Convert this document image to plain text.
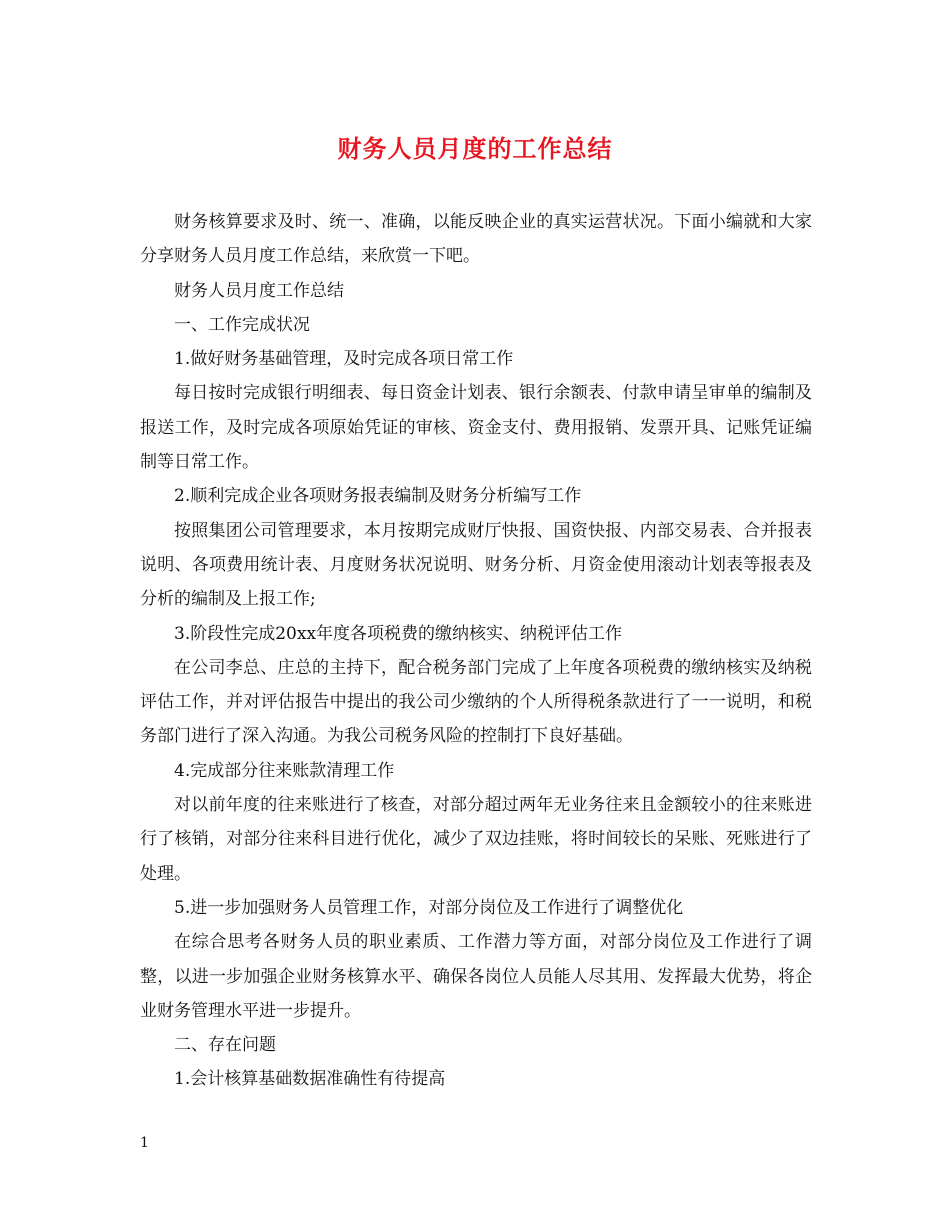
财务人员月度的工作总结

财务核算要求及时、统一、准确，以能反映企业的真实运营状况。下面小编就和大家分享财务人员月度工作总结，来欣赏一下吧。

财务人员月度工作总结

一、工作完成状况

1.做好财务基础管理，及时完成各项日常工作

每日按时完成银行明细表、每日资金计划表、银行余额表、付款申请呈审单的编制及报送工作，及时完成各项原始凭证的审核、资金支付、费用报销、发票开具、记账凭证编制等日常工作。

2.顺利完成企业各项财务报表编制及财务分析编写工作

按照集团公司管理要求，本月按期完成财厅快报、国资快报、内部交易表、合并报表说明、各项费用统计表、月度财务状况说明、财务分析、月资金使用滚动计划表等报表及分析的编制及上报工作;

3.阶段性完成20xx年度各项税费的缴纳核实、纳税评估工作

在公司李总、庄总的主持下，配合税务部门完成了上年度各项税费的缴纳核实及纳税评估工作，并对评估报告中提出的我公司少缴纳的个人所得税条款进行了一一说明，和税务部门进行了深入沟通。为我公司税务风险的控制打下良好基础。

4.完成部分往来账款清理工作

对以前年度的往来账进行了核查，对部分超过两年无业务往来且金额较小的往来账进行了核销，对部分往来科目进行优化，减少了双边挂账，将时间较长的呆账、死账进行了处理。

5.进一步加强财务人员管理工作，对部分岗位及工作进行了调整优化

在综合思考各财务人员的职业素质、工作潜力等方面，对部分岗位及工作进行了调整，以进一步加强企业财务核算水平、确保各岗位人员能人尽其用、发挥最大优势，将企业财务管理水平进一步提升。

二、存在问题

1.会计核算基础数据准确性有待提高

1
